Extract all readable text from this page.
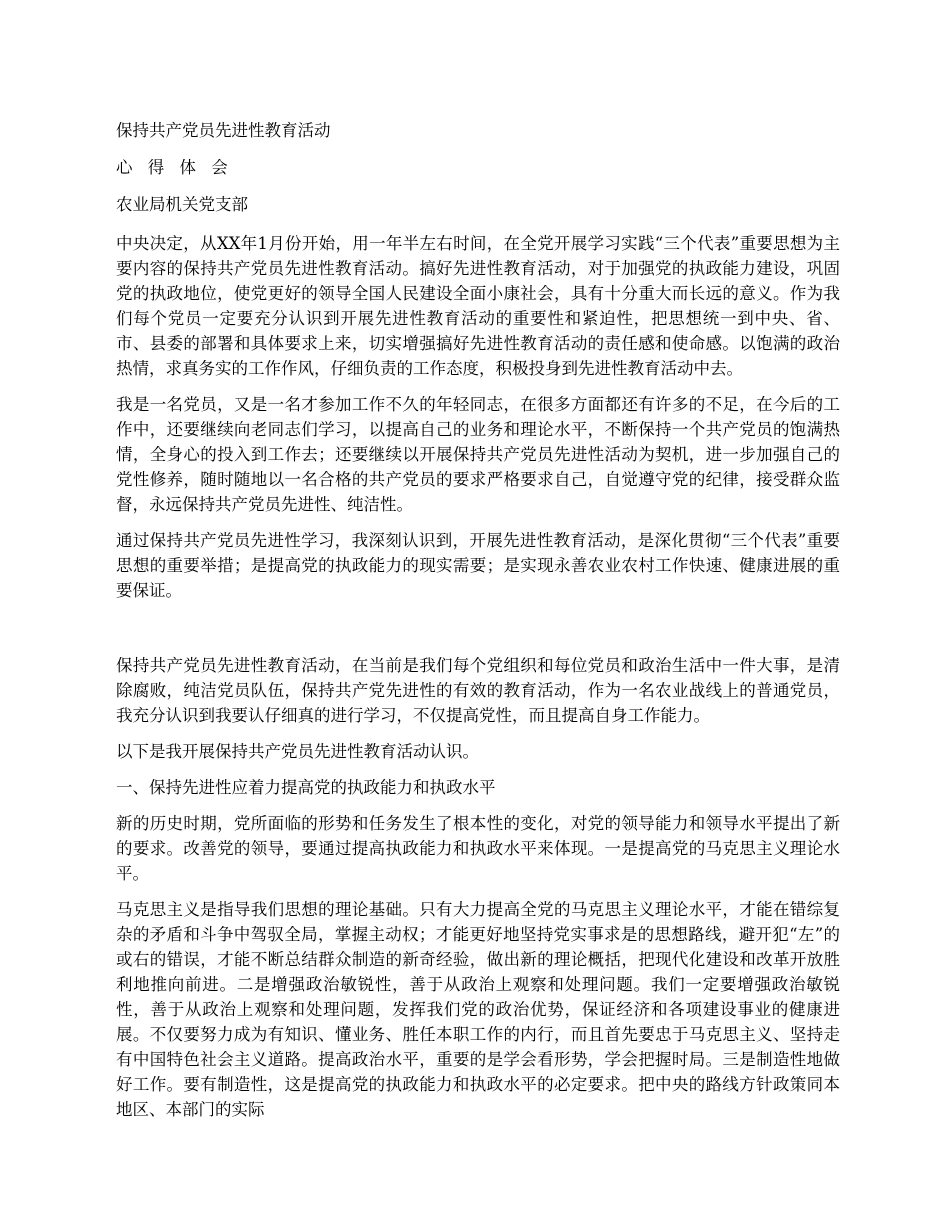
保持共产党员先进性教育活动

心 得 体 会

农业局机关党支部

中央决定，从XX年1月份开始，用一年半左右时间，在全党开展学习实践“三个代表”重要思想为主要内容的保持共产党员先进性教育活动。搞好先进性教育活动，对于加强党的执政能力建设，巩固党的执政地位，使党更好的领导全国人民建设全面小康社会，具有十分重大而长远的意义。作为我们每个党员一定要充分认识到开展先进性教育活动的重要性和紧迫性，把思想统一到中央、省、市、县委的部署和具体要求上来，切实增强搞好先进性教育活动的责任感和使命感。以饱满的政治热情，求真务实的工作作风，仔细负责的工作态度，积极投身到先进性教育活动中去。

我是一名党员，又是一名才参加工作不久的年轻同志，在很多方面都还有许多的不足，在今后的工作中，还要继续向老同志们学习，以提高自己的业务和理论水平，不断保持一个共产党员的饱满热情，全身心的投入到工作去；还要继续以开展保持共产党员先进性活动为契机，进一步加强自己的党性修养，随时随地以一名合格的共产党员的要求严格要求自己，自觉遵守党的纪律，接受群众监督，永远保持共产党员先进性、纯洁性。

通过保持共产党员先进性学习，我深刻认识到，开展先进性教育活动，是深化贯彻“三个代表”重要思想的重要举措；是提高党的执政能力的现实需要；是实现永善农业农村工作快速、健康进展的重要保证。

保持共产党员先进性教育活动，在当前是我们每个党组织和每位党员和政治生活中一件大事，是清除腐败，纯洁党员队伍，保持共产党先进性的有效的教育活动，作为一名农业战线上的普通党员，我充分认识到我要认仔细真的进行学习，不仅提高党性，而且提高自身工作能力。

以下是我开展保持共产党员先进性教育活动认识。

一、保持先进性应着力提高党的执政能力和执政水平

新的历史时期，党所面临的形势和任务发生了根本性的变化，对党的领导能力和领导水平提出了新的要求。改善党的领导，要通过提高执政能力和执政水平来体现。一是提高党的马克思主义理论水平。

马克思主义是指导我们思想的理论基础。只有大力提高全党的马克思主义理论水平，才能在错综复杂的矛盾和斗争中驾驭全局，掌握主动权；才能更好地坚持党实事求是的思想路线，避开犯“左”的或右的错误，才能不断总结群众制造的新奇经验，做出新的理论概括，把现代化建设和改革开放胜利地推向前进。二是增强政治敏锐性，善于从政治上观察和处理问题。我们一定要增强政治敏锐性，善于从政治上观察和处理问题，发挥我们党的政治优势，保证经济和各项建设事业的健康进展。不仅要努力成为有知识、懂业务、胜任本职工作的内行，而且首先要忠于马克思主义、坚持走有中国特色社会主义道路。提高政治水平，重要的是学会看形势，学会把握时局。三是制造性地做好工作。要有制造性，这是提高党的执政能力和执政水平的必定要求。把中央的路线方针政策同本地区、本部门的实际
